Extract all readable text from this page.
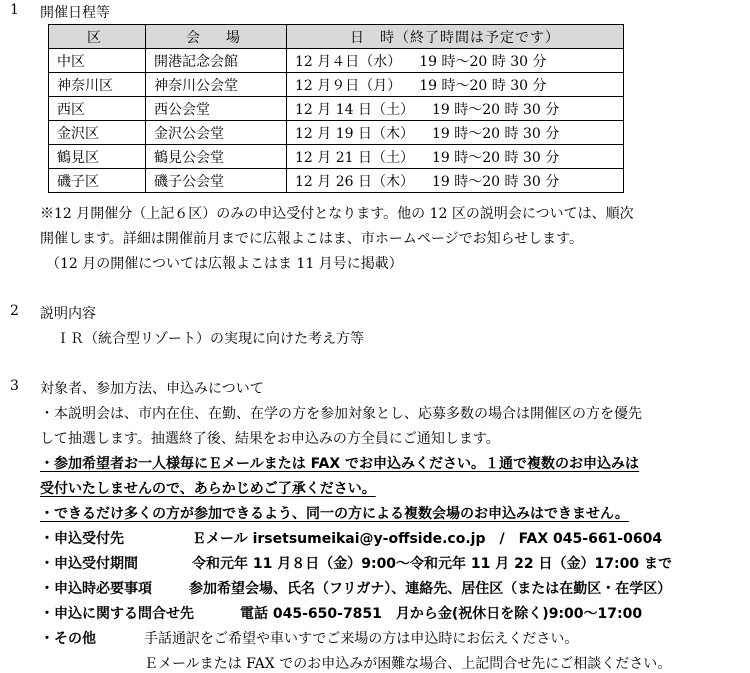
1 開催日程等
区	会　場	日　時（終了時間は予定です）
中区	開港記念会館	12 月４日（水） 19 時～20 時 30 分
神奈川区	神奈川公会堂	12 月９日（月） 19 時～20 時 30 分
西区	西公会堂	12 月 14 日（土） 19 時～20 時 30 分
金沢区	金沢公会堂	12 月 19 日（木） 19 時～20 時 30 分
鶴見区	鶴見公会堂	12 月 21 日（土） 19 時～20 時 30 分
磯子区	磯子公会堂	12 月 26 日（木） 19 時～20 時 30 分
※12 月開催分（上記６区）のみの申込受付となります。他の 12 区の説明会については、順次
開催します。詳細は開催前月までに広報よこはま、市ホームページでお知らせします。
（12 月の開催については広報よこはま 11 月号に掲載）
2 説明内容
ＩＲ（統合型リゾート）の実現に向けた考え方等
3 対象者、参加方法、申込みについて
・本説明会は、市内在住、在勤、在学の方を参加対象とし、応募多数の場合は開催区の方を優先
して抽選します。抽選終了後、結果をお申込みの方全員にご通知します。
・参加希望者お一人様毎にＥメールまたは FAX でお申込みください。１通で複数のお申込みは
受付いたしませんので、あらかじめご了承ください。
・できるだけ多くの方が参加できるよう、同一の方による複数会場のお申込みはできません。
・申込受付先	Ｅメール irsetsumeikai@y-offside.co.jp　/　FAX 045-661-0604
・申込受付期間	令和元年 11 月８日（金）9:00～令和元年 11 月 22 日（金）17:00 まで
・申込時必要事項	参加希望会場、氏名（フリガナ）、連絡先、居住区（または在勤区・在学区）
・申込に関する問合せ先	電話 045-650-7851　月から金(祝休日を除く)9:00～17:00
・その他	手話通訳をご希望や車いすでご来場の方は申込時にお伝えください。
Ｅメールまたは FAX でのお申込みが困難な場合、上記問合せ先にご相談ください。
